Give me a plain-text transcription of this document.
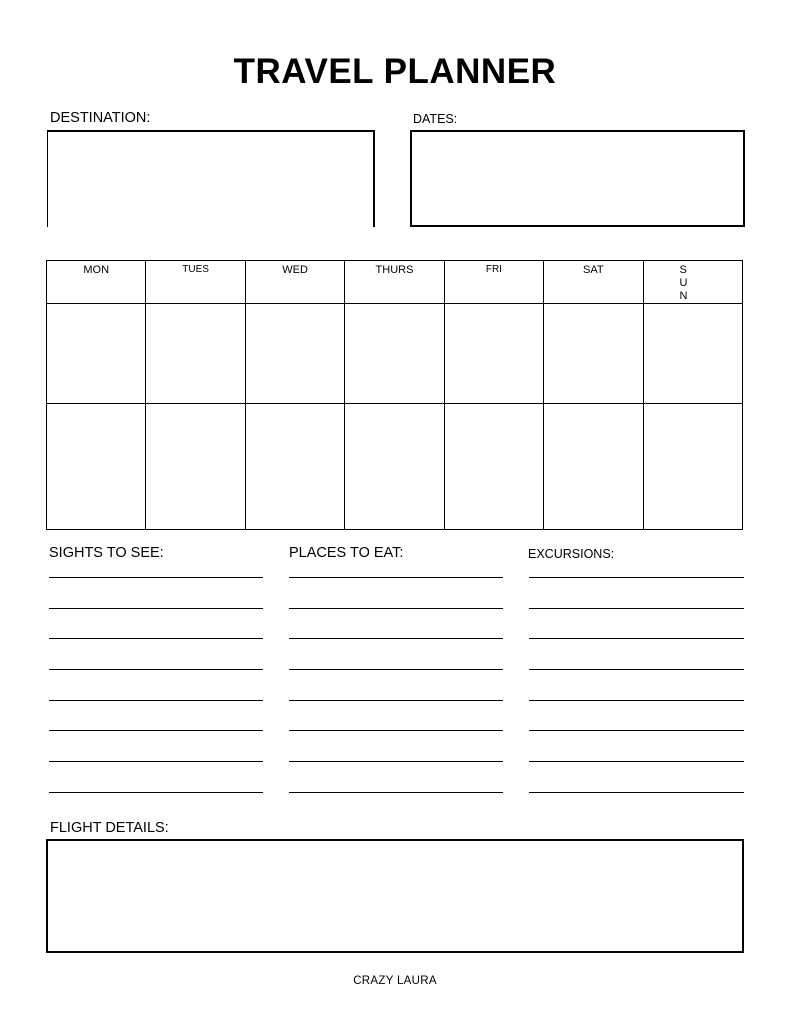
TRAVEL PLANNER
DESTINATION:	DATES:
MON	TUES	WED	THURS	FRI	SAT	SUN

SIGHTS TO SEE:	PLACES TO EAT:	EXCURSIONS:
FLIGHT DETAILS:
CRAZY LAURA
